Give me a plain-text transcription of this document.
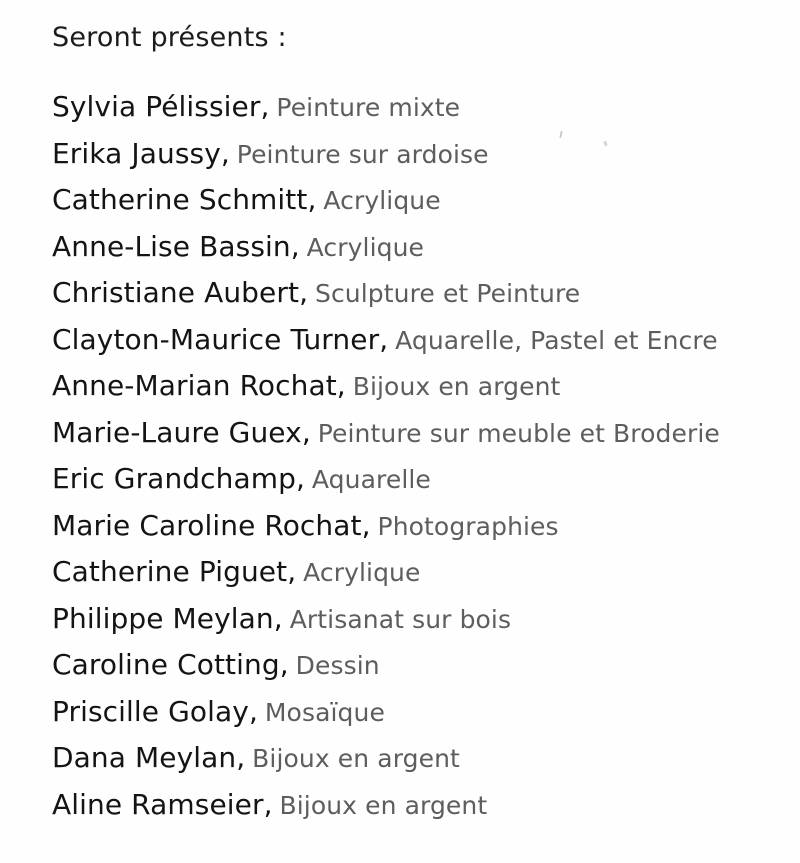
Seront présents :
Sylvia Pélissier, Peinture mixte
Erika Jaussy, Peinture sur ardoise
Catherine Schmitt, Acrylique
Anne-Lise Bassin, Acrylique
Christiane Aubert, Sculpture et Peinture
Clayton-Maurice Turner, Aquarelle, Pastel et Encre
Anne-Marian Rochat, Bijoux en argent
Marie-Laure Guex, Peinture sur meuble et Broderie
Eric Grandchamp, Aquarelle
Marie Caroline Rochat, Photographies
Catherine Piguet, Acrylique
Philippe Meylan, Artisanat sur bois
Caroline Cotting, Dessin
Priscille Golay, Mosaïque
Dana Meylan, Bijoux en argent
Aline Ramseier, Bijoux en argent
